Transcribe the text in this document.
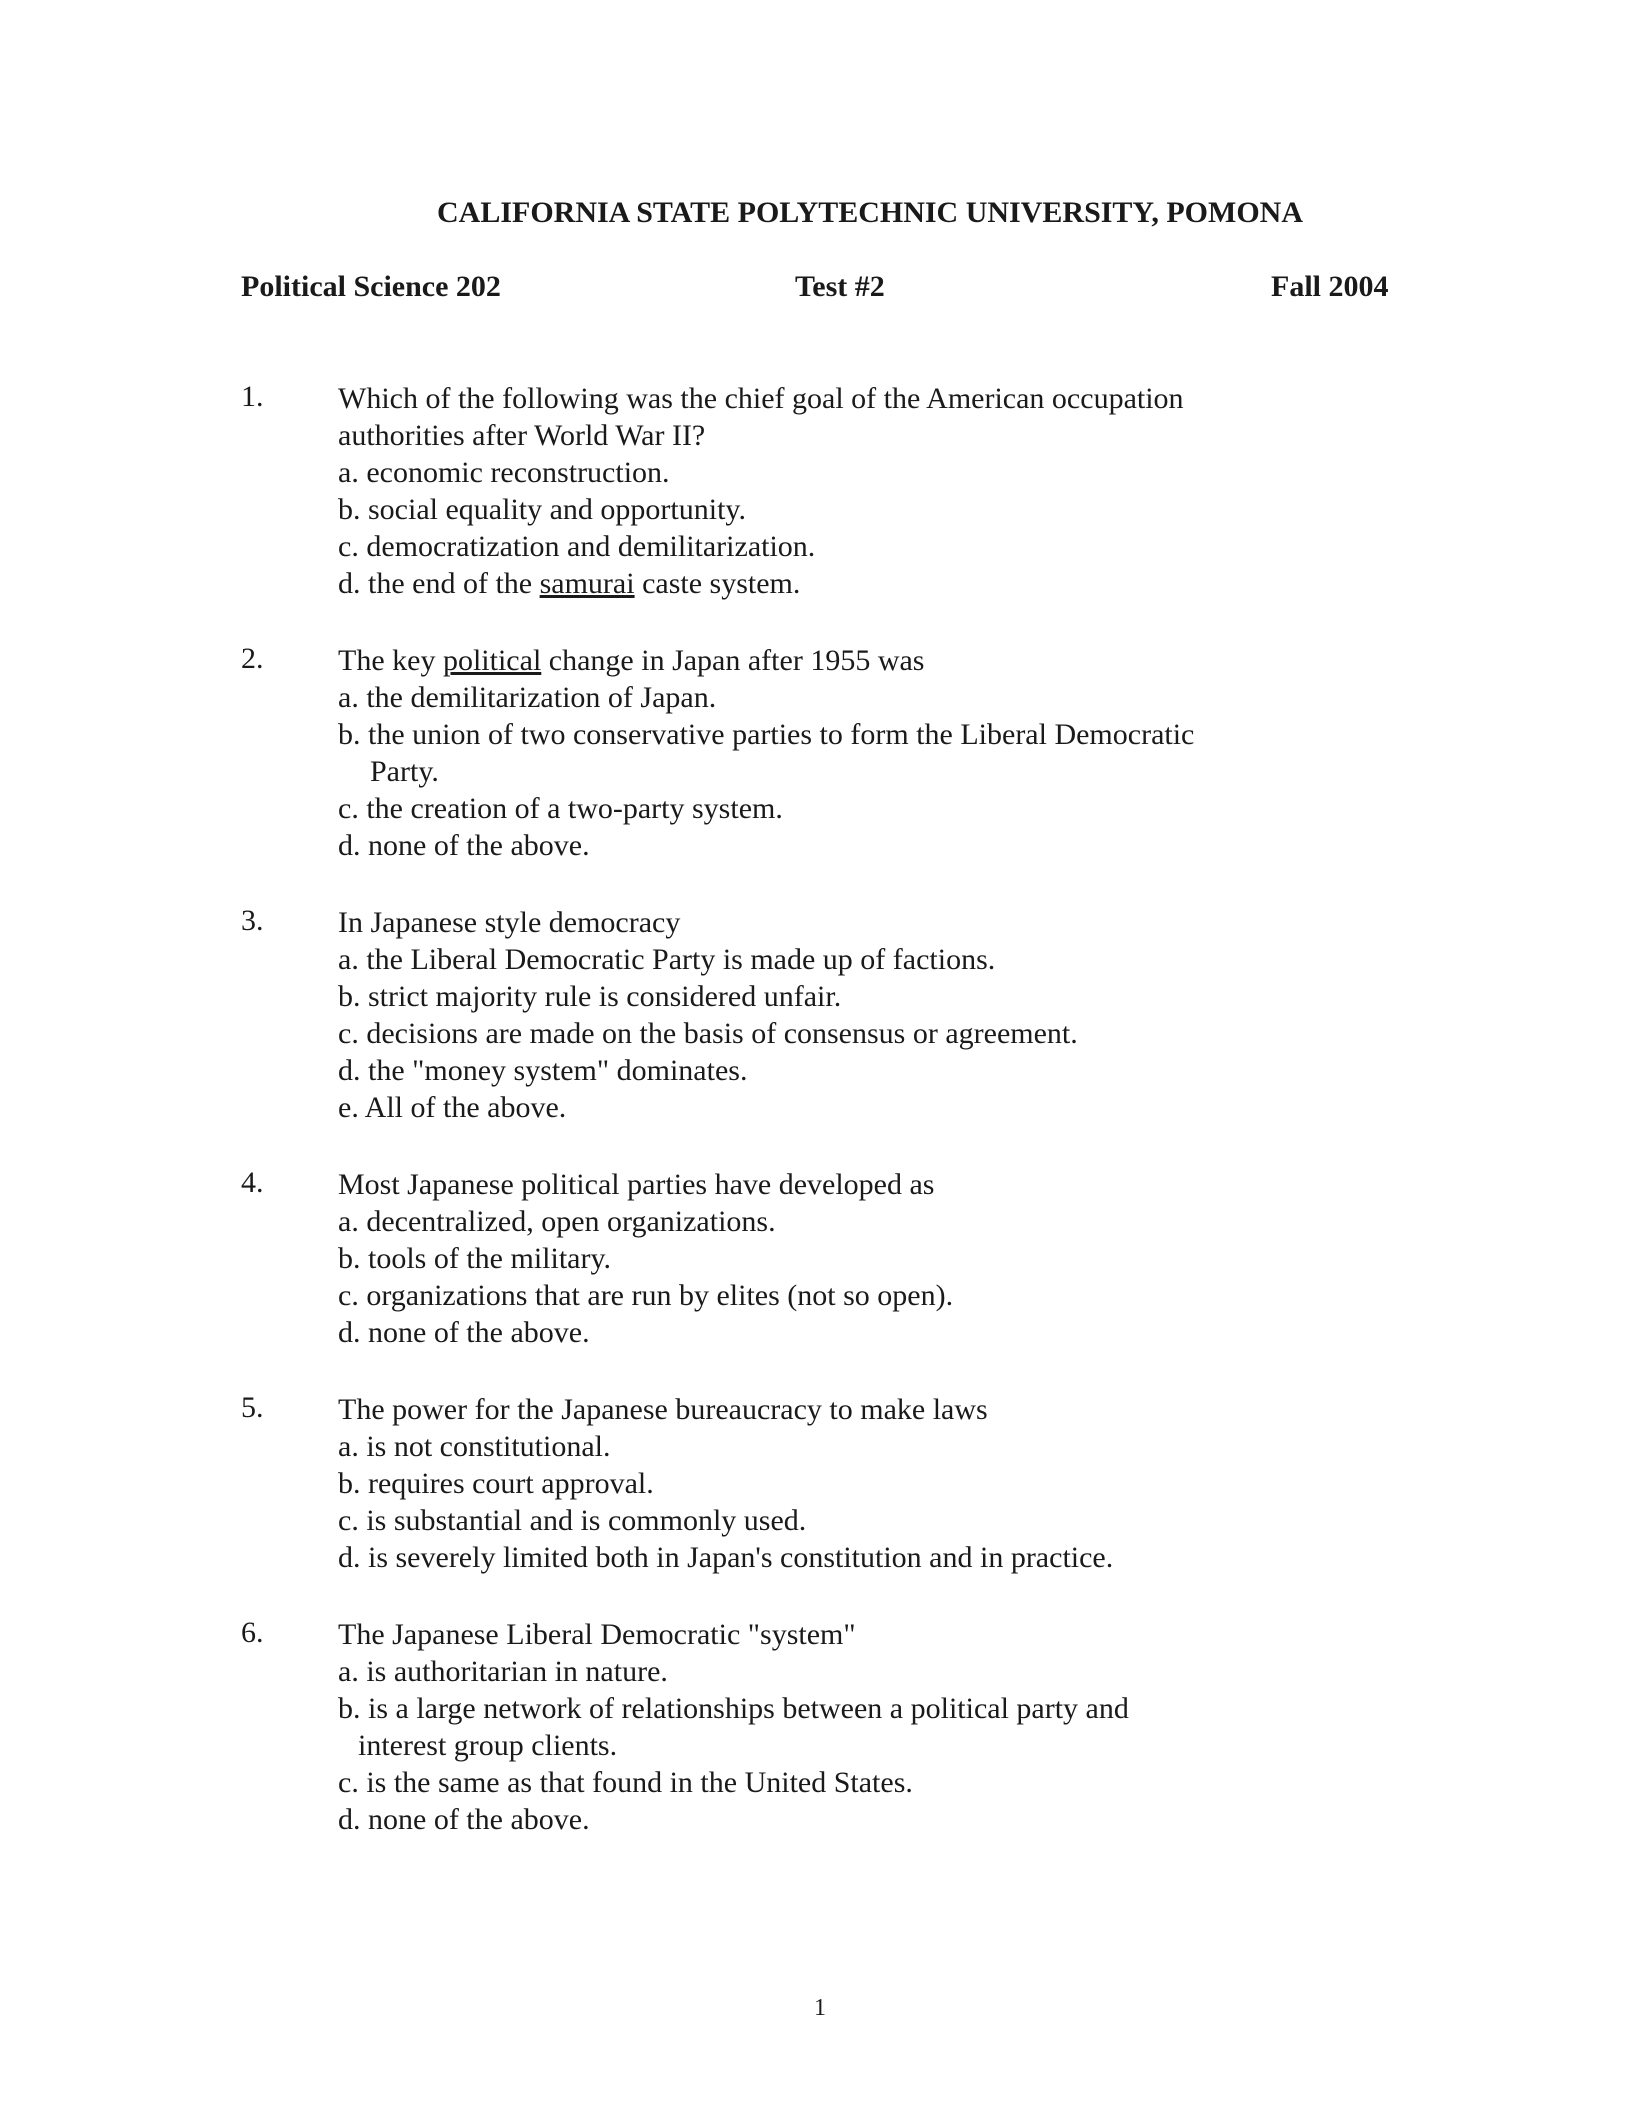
CALIFORNIA STATE POLYTECHNIC UNIVERSITY, POMONA
Political Science 202	Test #2	Fall 2004
1. Which of the following was the chief goal of the American occupation
authorities after World War II?
a. economic reconstruction.
b. social equality and opportunity.
c. democratization and demilitarization.
d. the end of the samurai caste system.
2. The key political change in Japan after 1955 was
a. the demilitarization of Japan.
b. the union of two conservative parties to form the Liberal Democratic
Party.
c. the creation of a two-party system.
d. none of the above.
3. In Japanese style democracy
a. the Liberal Democratic Party is made up of factions.
b. strict majority rule is considered unfair.
c. decisions are made on the basis of consensus or agreement.
d. the "money system" dominates.
e. All of the above.
4. Most Japanese political parties have developed as
a. decentralized, open organizations.
b. tools of the military.
c. organizations that are run by elites (not so open).
d. none of the above.
5. The power for the Japanese bureaucracy to make laws
a. is not constitutional.
b. requires court approval.
c. is substantial and is commonly used.
d. is severely limited both in Japan's constitution and in practice.
6. The Japanese Liberal Democratic "system"
a. is authoritarian in nature.
b. is a large network of relationships between a political party and
interest group clients.
c. is the same as that found in the United States.
d. none of the above.
1
